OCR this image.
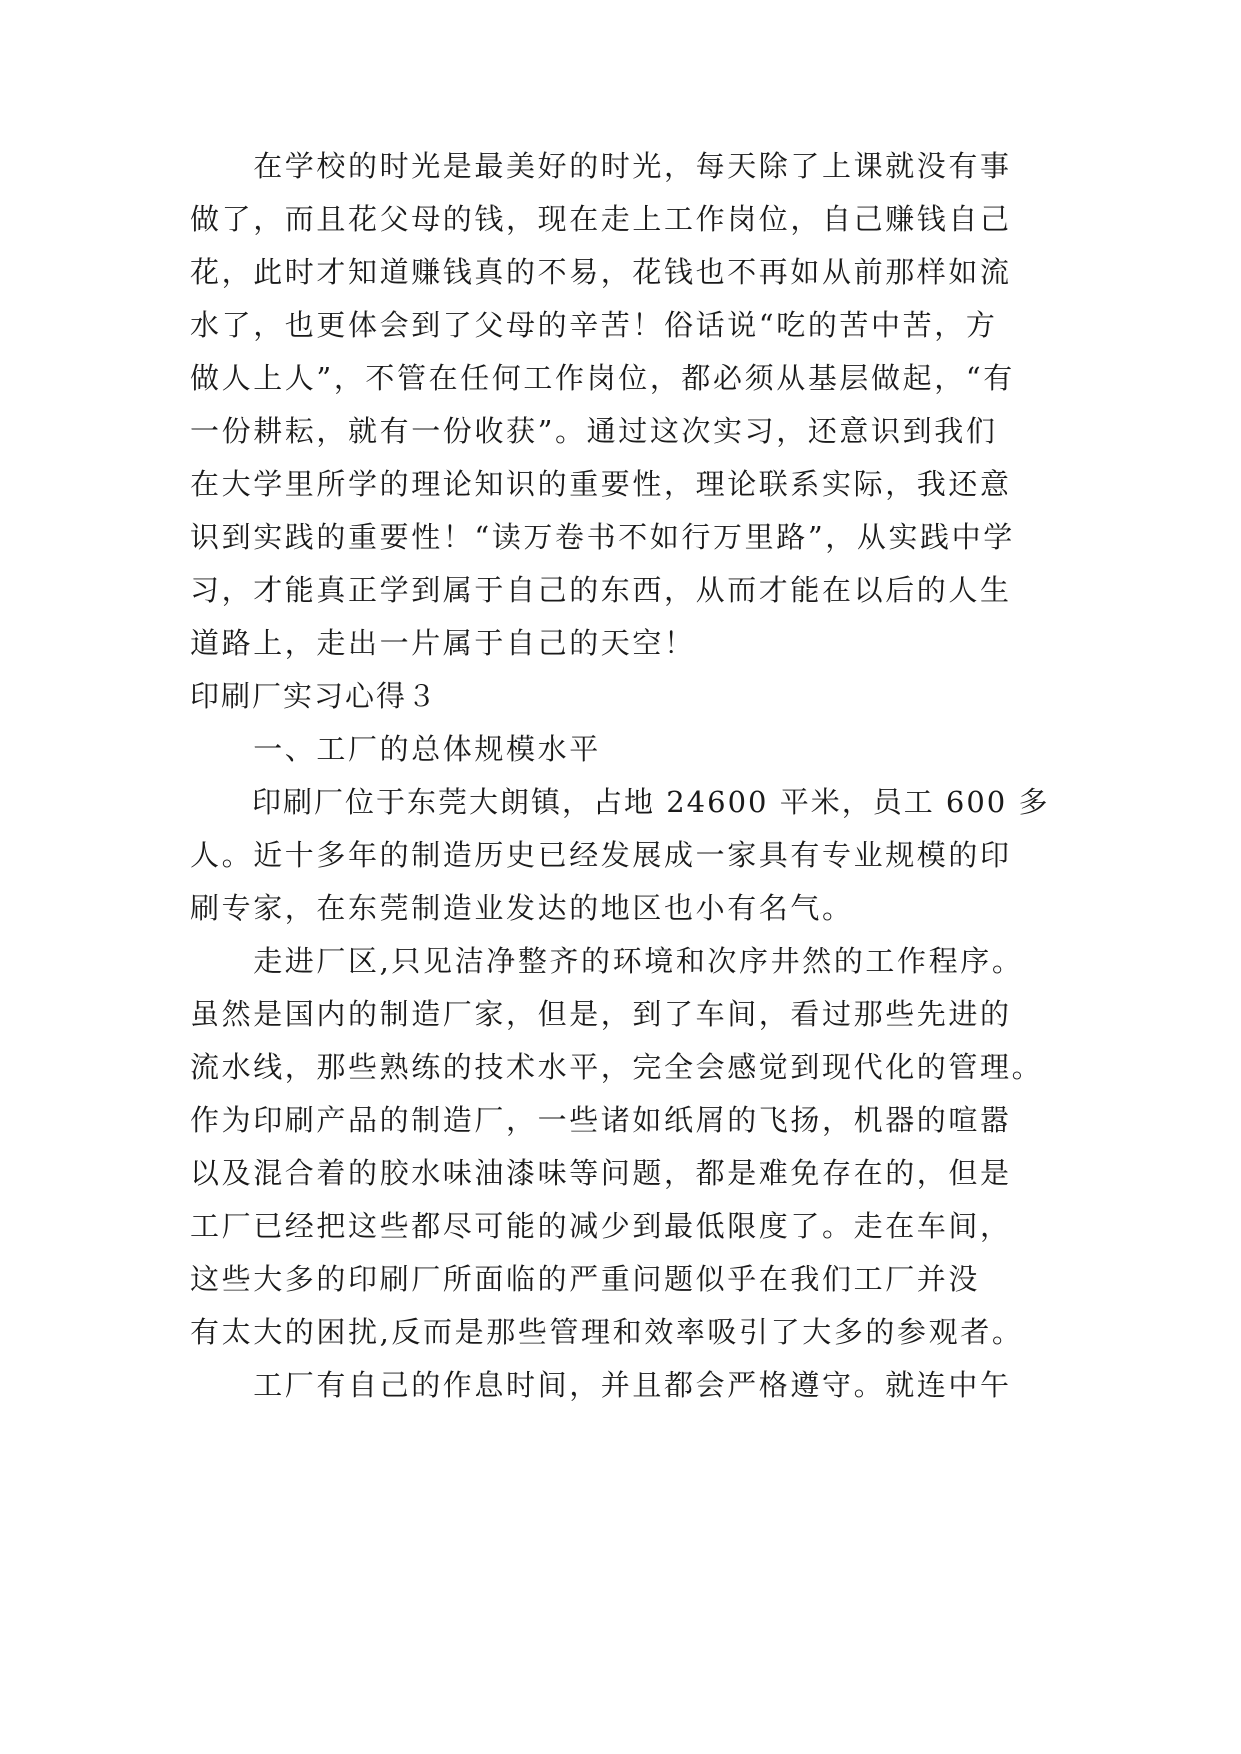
　　在学校的时光是最美好的时光，每天除了上课就没有事
做了，而且花父母的钱，现在走上工作岗位，自己赚钱自己
花，此时才知道赚钱真的不易，花钱也不再如从前那样如流
水了，也更体会到了父母的辛苦！俗话说“吃的苦中苦，方
做人上人”，不管在任何工作岗位，都必须从基层做起，“有
一份耕耘，就有一份收获”。通过这次实习，还意识到我们
在大学里所学的理论知识的重要性，理论联系实际，我还意
识到实践的重要性！“读万卷书不如行万里路”，从实践中学
习，才能真正学到属于自己的东西，从而才能在以后的人生
道路上，走出一片属于自己的天空！
印刷厂实习心得３
　　一、工厂的总体规模水平
　　印刷厂位于东莞大朗镇，占地 24600 平米，员工 600 多
人。近十多年的制造历史已经发展成一家具有专业规模的印
刷专家，在东莞制造业发达的地区也小有名气。
　　走进厂区,只见洁净整齐的环境和次序井然的工作程序。
虽然是国内的制造厂家，但是，到了车间，看过那些先进的
流水线，那些熟练的技术水平，完全会感觉到现代化的管理。
作为印刷产品的制造厂，一些诸如纸屑的飞扬，机器的喧嚣
以及混合着的胶水味油漆味等问题，都是难免存在的，但是
工厂已经把这些都尽可能的减少到最低限度了。走在车间，
这些大多的印刷厂所面临的严重问题似乎在我们工厂并没
有太大的困扰,反而是那些管理和效率吸引了大多的参观者。
　　工厂有自己的作息时间，并且都会严格遵守。就连中午
